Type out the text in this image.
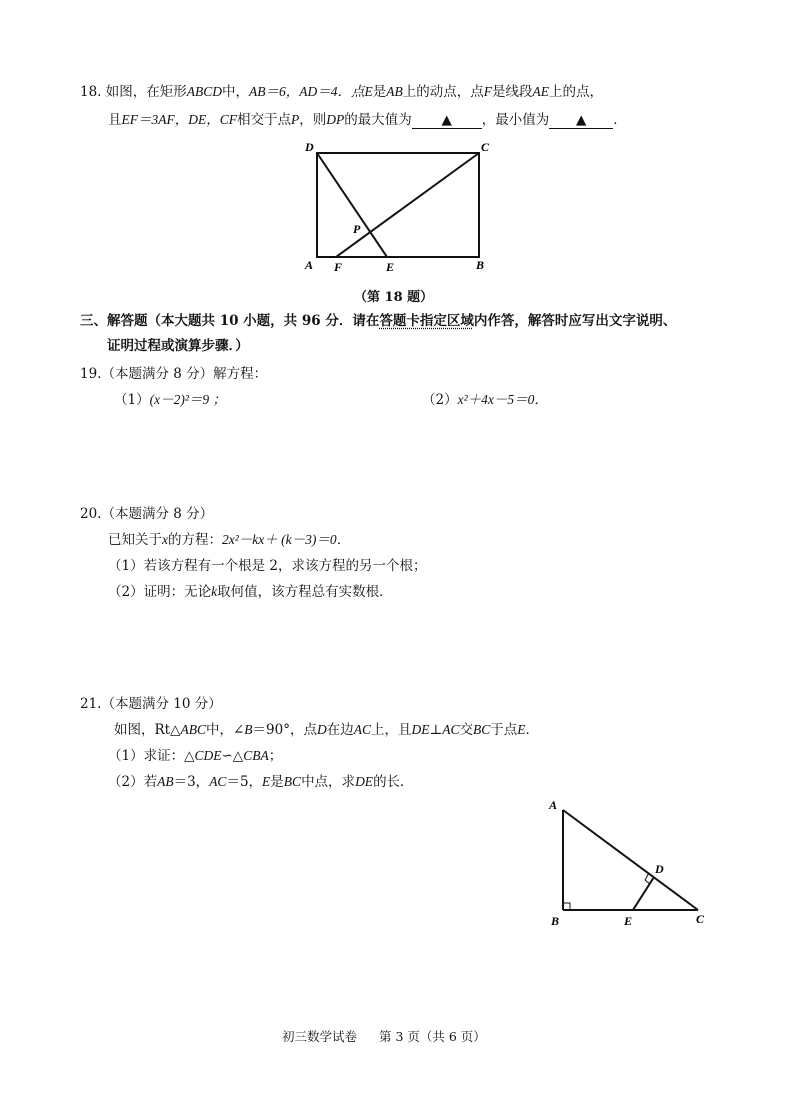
18. 如图，在矩形ABCD中，AB＝6，AD＝4．点E是AB上的动点，点F是线段AE上的点，
且EF＝3AF，DE，CF相交于点P，则DP的最大值为 ▲ ，最小值为 ▲ ．
D	C
A	B
F	E
P
（第 18 题）
三、解答题（本大题共 10 小题，共 96 分．请在答题卡指定区域内作答，解答时应写出文字说明、
证明过程或演算步骤．）
19.（本题满分 8 分）解方程：
（1）(x－2)²＝9 ；	（2）x²＋4x－5＝0．
20.（本题满分 8 分）
已知关于x的方程：2x²－kx＋ (k－3)＝0．
（1）若该方程有一个根是 2，求该方程的另一个根；
（2）证明：无论k取何值，该方程总有实数根．
21.（本题满分 10 分）
如图，Rt△ABC中，∠B＝90°，点D在边AC上，且DE⊥AC交BC于点E．
（1）求证：△CDE∽△CBA；
（2）若AB＝3，AC＝5，E是BC中点，求DE的长．
A
B	C
D
E
初三数学试卷 第 3 页（共 6 页）
